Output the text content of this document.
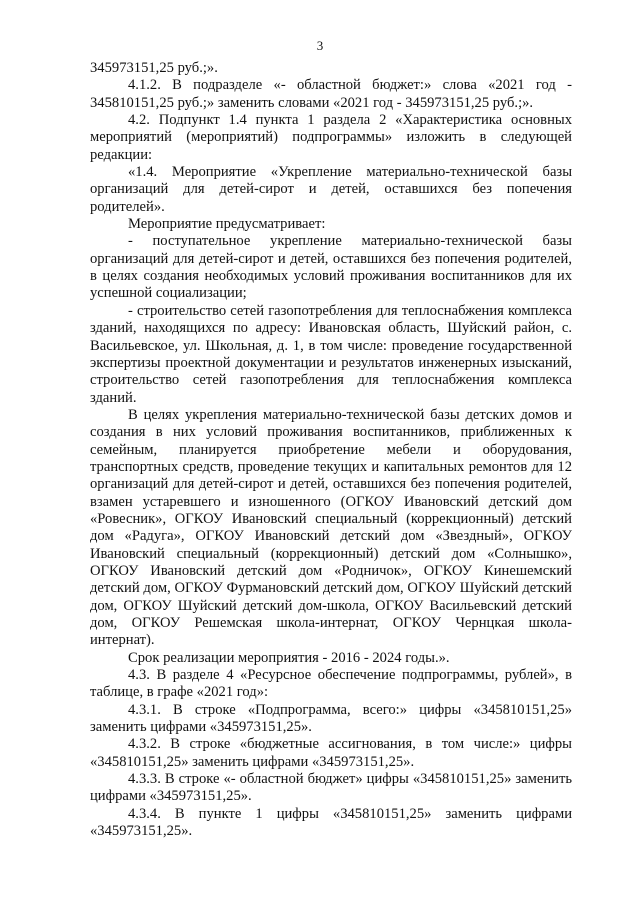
3

345973151,25 руб.;».

4.1.2. В подразделе «- областной бюджет:» слова «2021 год - 345810151,25 руб.;» заменить словами «2021 год - 345973151,25 руб.;».

4.2. Подпункт 1.4 пункта 1 раздела 2 «Характеристика основных мероприятий (мероприятий) подпрограммы» изложить в следующей редакции:

«1.4. Мероприятие «Укрепление материально-технической базы организаций для детей-сирот и детей, оставшихся без попечения родителей».

Мероприятие предусматривает:

- поступательное укрепление материально-технической базы организаций для детей-сирот и детей, оставшихся без попечения родителей, в целях создания необходимых условий проживания воспитанников для их успешной социализации;

- строительство сетей газопотребления для теплоснабжения комплекса зданий, находящихся по адресу: Ивановская область, Шуйский район, с. Васильевское, ул. Школьная, д. 1, в том числе: проведение государственной экспертизы проектной документации и результатов инженерных изысканий, строительство сетей газопотребления для теплоснабжения комплекса зданий.

В целях укрепления материально-технической базы детских домов и создания в них условий проживания воспитанников, приближенных к семейным, планируется приобретение мебели и оборудования, транспортных средств, проведение текущих и капитальных ремонтов для 12 организаций для детей-сирот и детей, оставшихся без попечения родителей, взамен устаревшего и изношенного (ОГКОУ Ивановский детский дом «Ровесник», ОГКОУ Ивановский специальный (коррекционный) детский дом «Радуга», ОГКОУ Ивановский детский дом «Звездный», ОГКОУ Ивановский специальный (коррекционный) детский дом «Солнышко», ОГКОУ Ивановский детский дом «Родничок», ОГКОУ Кинешемский детский дом, ОГКОУ Фурмановский детский дом, ОГКОУ Шуйский детский дом, ОГКОУ Шуйский детский дом-школа, ОГКОУ Васильевский детский дом, ОГКОУ Решемская школа-интернат, ОГКОУ Чернцкая школа-интернат).

Срок реализации мероприятия - 2016 - 2024 годы.».

4.3. В разделе 4 «Ресурсное обеспечение подпрограммы, рублей», в таблице, в графе «2021 год»:

4.3.1. В строке «Подпрограмма, всего:» цифры «345810151,25» заменить цифрами «345973151,25».

4.3.2. В строке «бюджетные ассигнования, в том числе:» цифры «345810151,25» заменить цифрами «345973151,25».

4.3.3. В строке «- областной бюджет» цифры «345810151,25» заменить цифрами «345973151,25».

4.3.4. В пункте 1 цифры «345810151,25» заменить цифрами «345973151,25».
